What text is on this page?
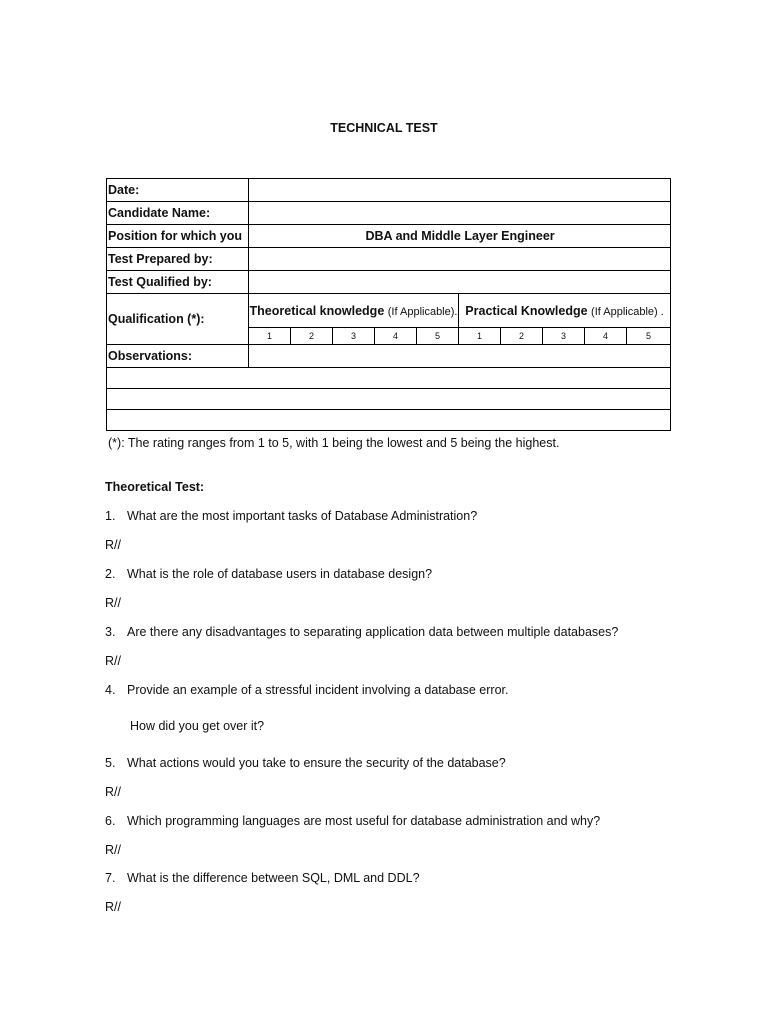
TECHNICAL TEST
Date:										
Candidate Name:										
Position for which you	DBA and Middle Layer Engineer									
Test Prepared by:										
Test Qualified by:										
Qualification (*):	Theoretical knowledge (If Applicable).					Practical Knowledge (If Applicable) .				
	1	2	3	4	5	1	2	3	4	5
Observations:										

(*): The rating ranges from 1 to 5, with 1 being the lowest and 5 being the highest.
Theoretical Test:
1. What are the most important tasks of Database Administration?
R//
2. What is the role of database users in database design?
R//
3. Are there any disadvantages to separating application data between multiple databases?
R//
4. Provide an example of a stressful incident involving a database error.
How did you get over it?
5. What actions would you take to ensure the security of the database?
R//
6. Which programming languages are most useful for database administration and why?
R//
7. What is the difference between SQL, DML and DDL?
R//
